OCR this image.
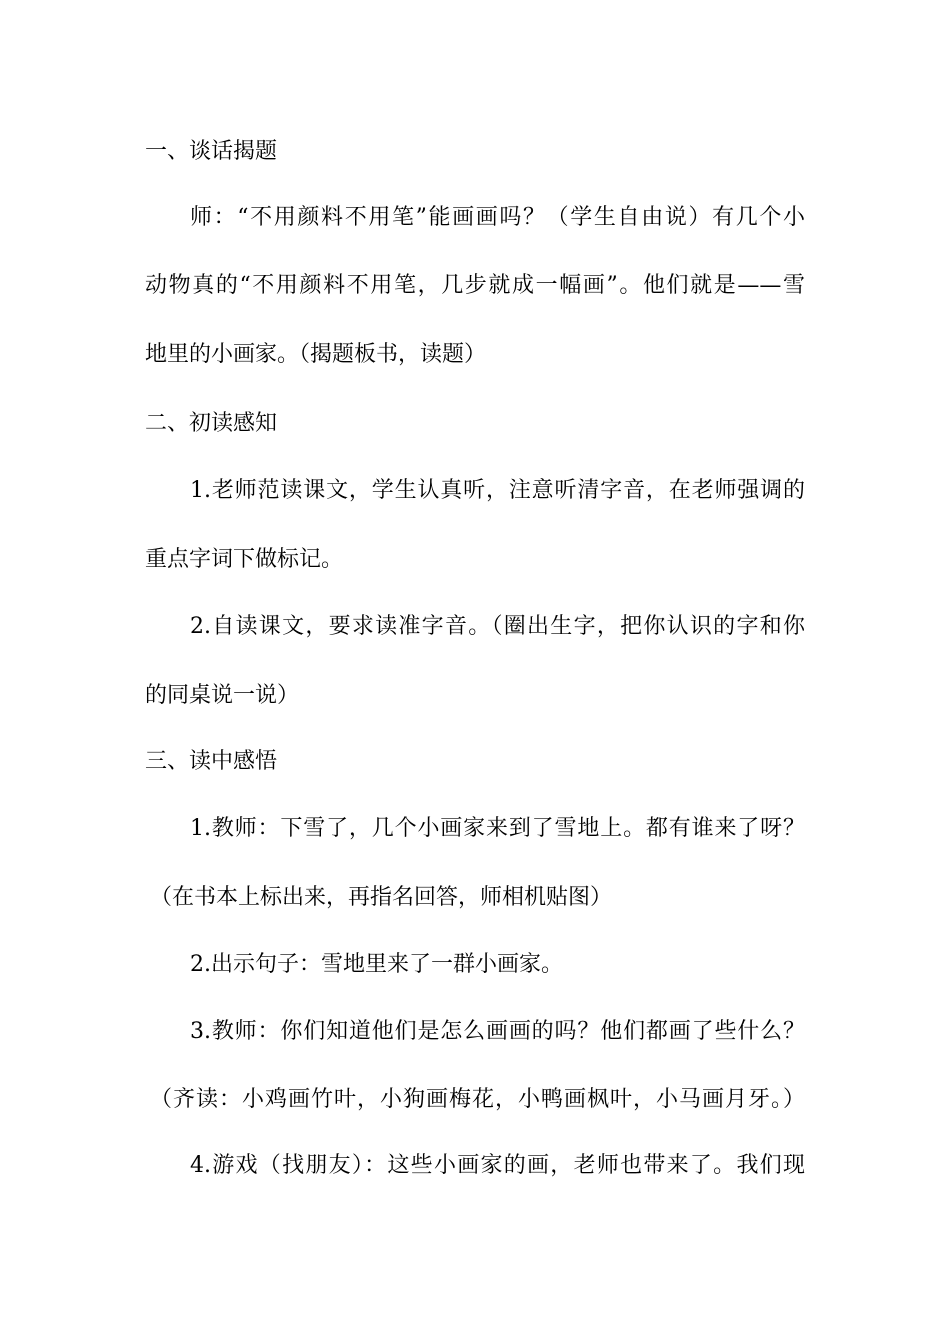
一、谈话揭题
师：“不用颜料不用笔”能画画吗？（学生自由说）有几个小
动物真的“不用颜料不用笔，几步就成一幅画”。他们就是——雪
地里的小画家。（揭题板书，读题）
二、初读感知
1.老师范读课文，学生认真听，注意听清字音，在老师强调的
重点字词下做标记。
2.自读课文，要求读准字音。（圈出生字，把你认识的字和你
的同桌说一说）
三、读中感悟
1.教师：下雪了，几个小画家来到了雪地上。都有谁来了呀？
（在书本上标出来，再指名回答，师相机贴图）
2.出示句子：雪地里来了一群小画家。
3.教师：你们知道他们是怎么画画的吗？他们都画了些什么？
（齐读：小鸡画竹叶，小狗画梅花，小鸭画枫叶，小马画月牙。）
4.游戏（找朋友）：这些小画家的画，老师也带来了。我们现
